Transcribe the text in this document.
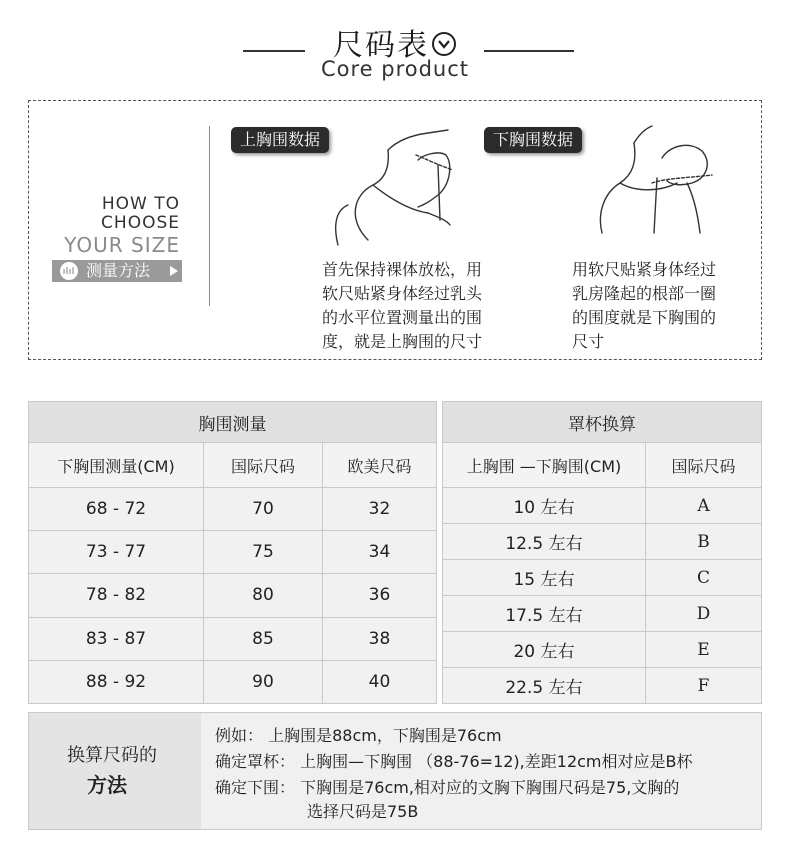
尺码表
Core product
HOW TO
CHOOSE
YOUR SIZE
测量方法
上胸围数据
首先保持裸体放松，用
软尺贴紧身体经过乳头
的水平位置测量出的围
度，就是上胸围的尺寸
下胸围数据
用软尺贴紧身体经过
乳房隆起的根部一圈
的围度就是下胸围的
尺寸
胸围测量		
下胸围测量(CM)	国际尺码	欧美尺码
68 - 72	70	32
73 - 77	75	34
78 - 82	80	36
83 - 87	85	38
88 - 92	90	40
罩杯换算	
上胸围 —下胸围(CM)	国际尺码
10 左右	A
12.5 左右	B
15 左右	C
17.5 左右	D
20 左右	E
22.5 左右	F
换算尺码的
方法
例如： 上胸围是88cm，下胸围是76cm
确定罩杯： 上胸围—下胸围 （88-76=12),差距12cm相对应是B杯
确定下围： 下胸围是76cm,相对应的文胸下胸围尺码是75,文胸的
选择尺码是75B
